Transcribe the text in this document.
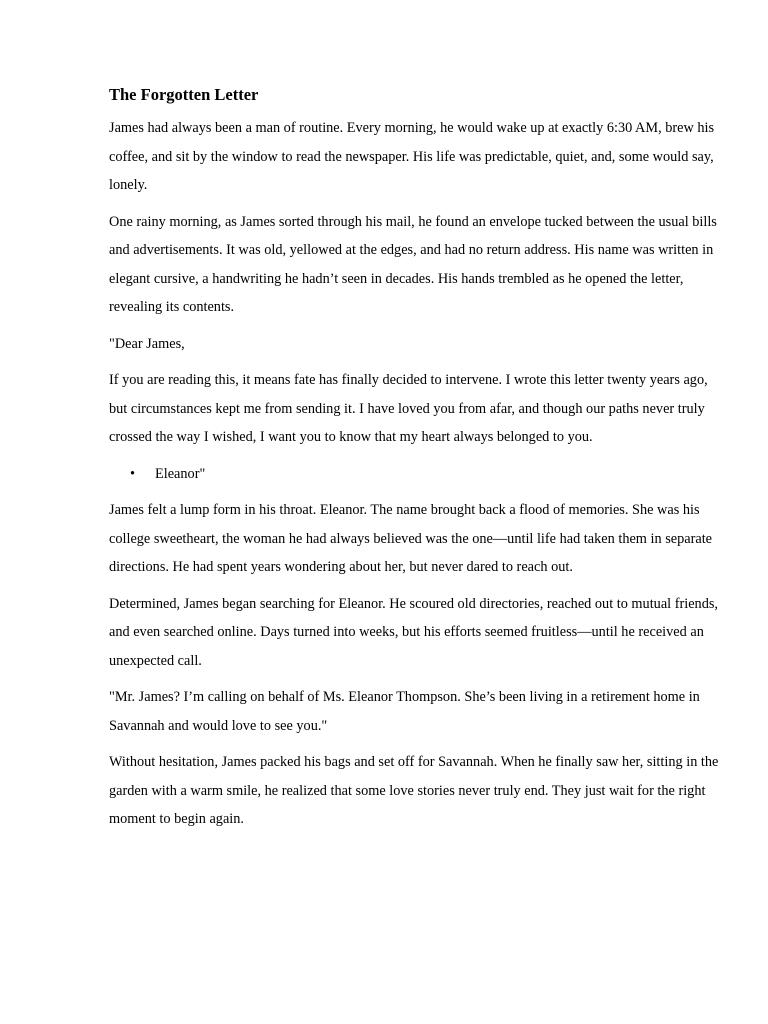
The Forgotten Letter

James had always been a man of routine. Every morning, he would wake up at exactly 6:30 AM, brew his coffee, and sit by the window to read the newspaper. His life was predictable, quiet, and, some would say, lonely.

One rainy morning, as James sorted through his mail, he found an envelope tucked between the usual bills and advertisements. It was old, yellowed at the edges, and had no return address. His name was written in elegant cursive, a handwriting he hadn’t seen in decades. His hands trembled as he opened the letter, revealing its contents.

"Dear James,

If you are reading this, it means fate has finally decided to intervene. I wrote this letter twenty years ago, but circumstances kept me from sending it. I have loved you from afar, and though our paths never truly crossed the way I wished, I want you to know that my heart always belonged to you.

• Eleanor"

James felt a lump form in his throat. Eleanor. The name brought back a flood of memories. She was his college sweetheart, the woman he had always believed was the one—until life had taken them in separate directions. He had spent years wondering about her, but never dared to reach out.

Determined, James began searching for Eleanor. He scoured old directories, reached out to mutual friends, and even searched online. Days turned into weeks, but his efforts seemed fruitless—until he received an unexpected call.

"Mr. James? I’m calling on behalf of Ms. Eleanor Thompson. She’s been living in a retirement home in Savannah and would love to see you."

Without hesitation, James packed his bags and set off for Savannah. When he finally saw her, sitting in the garden with a warm smile, he realized that some love stories never truly end. They just wait for the right moment to begin again.
